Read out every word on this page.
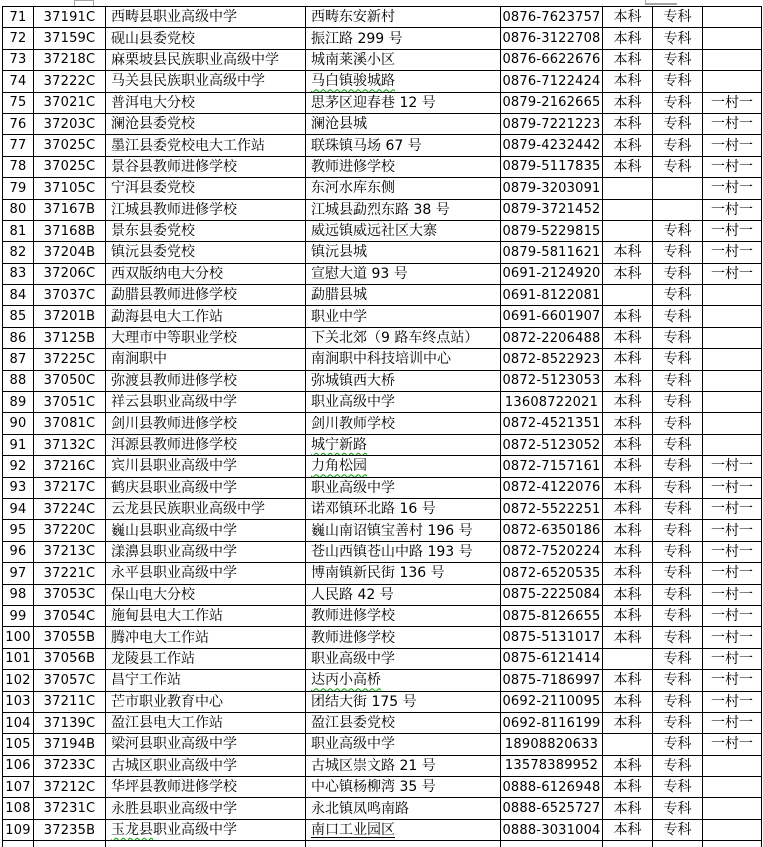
71	37191C	西畴县职业高级中学	西畴东安新村	0876-7623757	本科	专科	
72	37159C	砚山县委党校	振江路 299 号	0876-3122708	本科	专科	
73	37218C	麻栗坡县民族职业高级中学	城南莱溪小区	0876-6622676	本科	专科	
74	37222C	马关县民族职业高级中学	马白镇骏城路	0876-7122424	本科	专科	
75	37021C	普洱电大分校	思茅区迎春巷 12 号	0879-2162665	本科	专科	一村一
76	37203C	澜沧县委党校	澜沧县城	0879-7221223	本科	专科	一村一
77	37025C	墨江县委党校电大工作站	联珠镇马场 67 号	0879-4232442	本科	专科	一村一
78	37025C	景谷县教师进修学校	教师进修学校	0879-5117835	本科	专科	一村一
79	37105C	宁洱县委党校	东河水库东侧	0879-3203091			一村一
80	37167B	江城县教师进修学校	江城县勐烈东路 38 号	0879-3721452			一村一
81	37168B	景东县委党校	威远镇威远社区大寨	0879-5229815		专科	一村一
82	37204B	镇沅县委党校	镇沅县城	0879-5811621	本科	专科	一村一
83	37206C	西双版纳电大分校	宣慰大道 93 号	0691-2124920	本科	专科	一村一
84	37037C	勐腊县教师进修学校	勐腊县城	0691-8122081		专科	
85	37201B	勐海县电大工作站	职业中学	0691-6601907	本科	专科	
86	37125B	大理市中等职业学校	下关北郊（9 路车终点站）	0872-2206488	本科	专科	
87	37225C	南涧职中	南涧职中科技培训中心	0872-8522923	本科	专科	
88	37050C	弥渡县教师进修学校	弥城镇西大桥	0872-5123053	本科	专科	
89	37051C	祥云县职业高级中学	职业高级中学	13608722021	本科	专科	
90	37081C	剑川县教师进修学校	剑川教师学校	0872-4521351	本科	专科	
91	37132C	洱源县教师进修学校	城宁新路	0872-5123052	本科	专科	
92	37216C	宾川县职业高级中学	力角松园	0872-7157161	本科	专科	一村一
93	37217C	鹤庆县职业高级中学	职业高级中学	0872-4122076	本科	专科	一村一
94	37224C	云龙县民族职业高级中学	诺邓镇环北路 16 号	0872-5522251	本科	专科	一村一
95	37220C	巍山县职业高级中学	巍山南诏镇宝善村 196 号	0872-6350186	本科	专科	一村一
96	37213C	漾濞县职业高级中学	苍山西镇苍山中路 193 号	0872-7520224	本科	专科	一村一
97	37221C	永平县职业高级中学	博南镇新民街 136 号	0872-6520535	本科	专科	一村一
98	37053C	保山电大分校	人民路 42 号	0875-2225084	本科	专科	一村一
99	37054C	施甸县电大工作站	教师进修学校	0875-8126655	本科	专科	一村一
100	37055B	腾冲电大工作站	教师进修学校	0875-5131017	本科	专科	一村一
101	37056B	龙陵县工作站	职业高级中学	0875-6121414		专科	一村一
102	37057C	昌宁工作站	达丙小高桥	0875-7186997	本科	专科	一村一
103	37211C	芒市职业教育中心	团结大街 175 号	0692-2110095	本科	专科	一村一
104	37139C	盈江县电大工作站	盈江县委党校	0692-8116199	本科	专科	一村一
105	37194B	梁河县职业高级中学	职业高级中学	18908820633		专科	一村一
106	37233C	古城区职业高级中学	古城区崇文路 21 号	13578389952	本科	专科	
107	37212C	华坪县教师进修学校	中心镇杨柳湾 35 号	0888-6126948	本科	专科	
108	37231C	永胜县职业高级中学	永北镇凤鸣南路	0888-6525727	本科	专科	
109	37235B	玉龙县职业高级中学	南口工业园区	0888-3031004	本科	专科	
